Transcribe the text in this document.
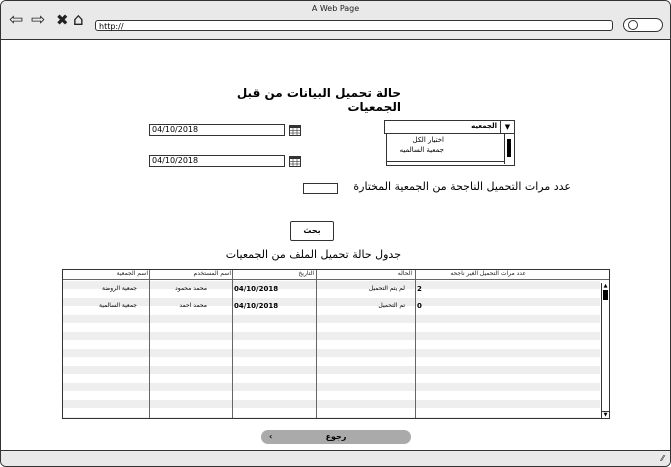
A Web Page
⇦ ⇨ ✖ ⌂	http://
حالة تحميل البيانات من قبل الجمعيات
04/10/2018
04/10/2018
الجمعيه	▼
اختيار الكل
جمعية السالميه
عدد مرات التحميل الناجحة من الجمعية المختارة
بحث
جدول حالة تحميل الملف من الجمعيات
اسم الجمعية	اسم المستخدم	التاريخ	الحاله	عدد مرات التحميل الغير ناجحه
جمعية الروضة	محمد محمود	04/10/2018	لم يتم التحميل 2
جمعية السالمية	محمد احمد	04/10/2018	تم التحميل 0
▲
▼
‹	رجوع
⁄⁄
